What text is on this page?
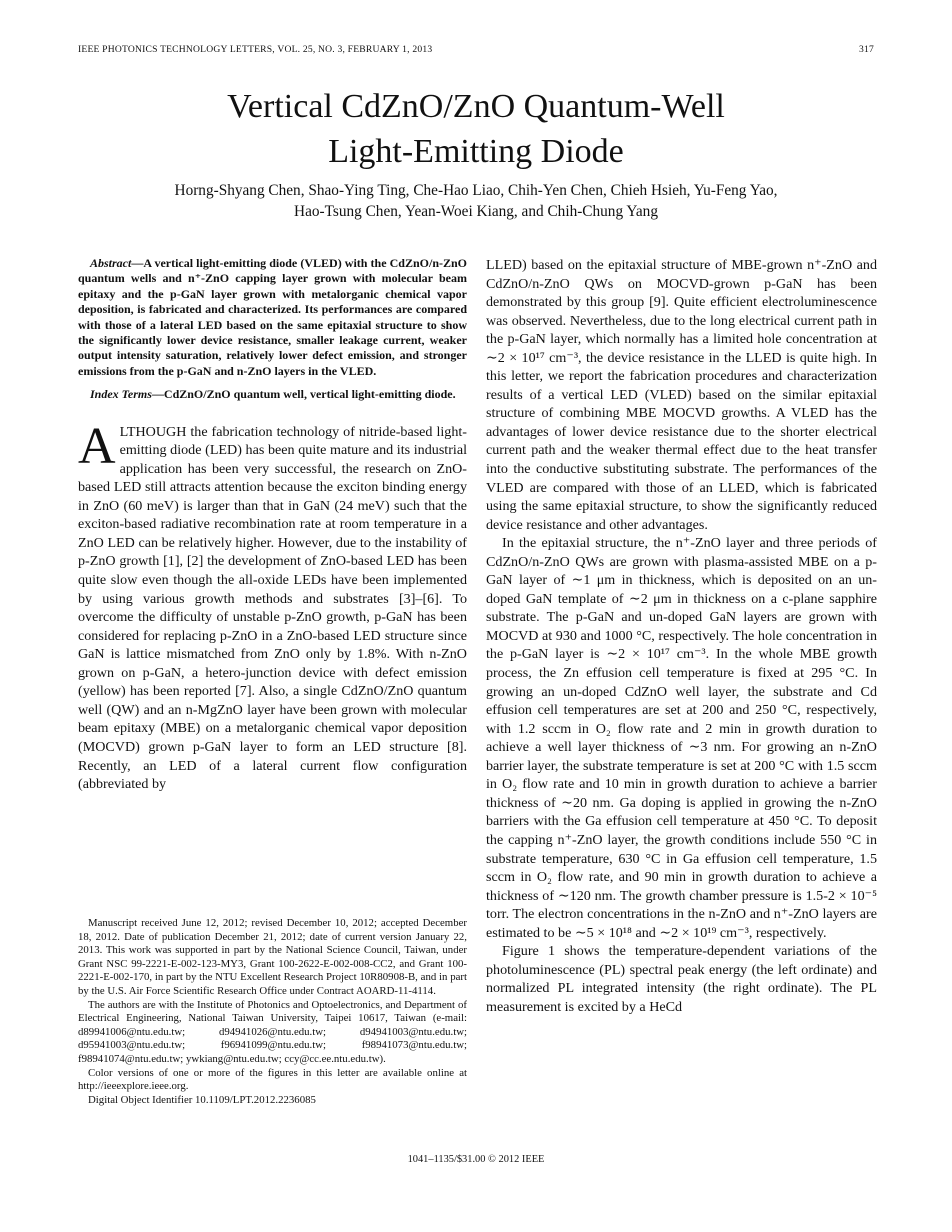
IEEE PHOTONICS TECHNOLOGY LETTERS, VOL. 25, NO. 3, FEBRUARY 1, 2013	317
Vertical CdZnO/ZnO Quantum-Well
Light-Emitting Diode
Horng-Shyang Chen, Shao-Ying Ting, Che-Hao Liao, Chih-Yen Chen, Chieh Hsieh, Yu-Feng Yao,
Hao-Tsung Chen, Yean-Woei Kiang, and Chih-Chung Yang

Abstract—A vertical light-emitting diode (VLED) with the CdZnO/n-ZnO quantum wells and n⁺-ZnO capping layer grown with molecular beam epitaxy and the p-GaN layer grown with metalorganic chemical vapor deposition, is fabricated and characterized. Its performances are compared with those of a lateral LED based on the same epitaxial structure to show the significantly lower device resistance, smaller leakage current, weaker output intensity saturation, relatively lower defect emission, and stronger emissions from the p-GaN and n-ZnO layers in the VLED.

Index Terms—CdZnO/ZnO quantum well, vertical light-emitting diode.

ALTHOUGH the fabrication technology of nitride-based light-emitting diode (LED) has been quite mature and its industrial application has been very successful, the research on ZnO-based LED still attracts attention because the exciton binding energy in ZnO (60 meV) is larger than that in GaN (24 meV) such that the exciton-based radiative recombination rate at room temperature in a ZnO LED can be relatively higher. However, due to the instability of p-ZnO growth [1], [2] the development of ZnO-based LED has been quite slow even though the all-oxide LEDs have been implemented by using various growth methods and substrates [3]–[6]. To overcome the difficulty of unstable p-ZnO growth, p-GaN has been considered for replacing p-ZnO in a ZnO-based LED structure since GaN is lattice mismatched from ZnO only by 1.8%. With n-ZnO grown on p-GaN, a hetero-junction device with defect emission (yellow) has been reported [7]. Also, a single CdZnO/ZnO quantum well (QW) and an n-MgZnO layer have been grown with molecular beam epitaxy (MBE) on a metalorganic chemical vapor deposition (MOCVD) grown p-GaN layer to form an LED structure [8]. Recently, an LED of a lateral current flow configuration (abbreviated by

Manuscript received June 12, 2012; revised December 10, 2012; accepted December 18, 2012. Date of publication December 21, 2012; date of current version January 22, 2013. This work was supported in part by the National Science Council, Taiwan, under Grant NSC 99-2221-E-002-123-MY3, Grant 100-2622-E-002-008-CC2, and Grant 100-2221-E-002-170, in part by the NTU Excellent Research Project 10R80908-B, and in part by the U.S. Air Force Scientific Research Office under Contract AOARD-11-4114.

The authors are with the Institute of Photonics and Optoelectronics, and Department of Electrical Engineering, National Taiwan University, Taipei 10617, Taiwan (e-mail: d89941006@ntu.edu.tw; d94941026@ntu.edu.tw; d94941003@ntu.edu.tw; d95941003@ntu.edu.tw; f96941099@ntu.edu.tw; f98941073@ntu.edu.tw; f98941074@ntu.edu.tw; ywkiang@ntu.edu.tw; ccy@cc.ee.ntu.edu.tw).

Color versions of one or more of the figures in this letter are available online at http://ieeexplore.ieee.org.

Digital Object Identifier 10.1109/LPT.2012.2236085

LLED) based on the epitaxial structure of MBE-grown n⁺-ZnO and CdZnO/n-ZnO QWs on MOCVD-grown p-GaN has been demonstrated by this group [9]. Quite efficient electroluminescence was observed. Nevertheless, due to the long electrical current path in the p-GaN layer, which normally has a limited hole concentration at ∼2 × 10¹⁷ cm⁻³, the device resistance in the LLED is quite high. In this letter, we report the fabrication procedures and characterization results of a vertical LED (VLED) based on the similar epitaxial structure of combining MBE MOCVD growths. A VLED has the advantages of lower device resistance due to the shorter electrical current path and the weaker thermal effect due to the heat transfer into the conductive substituting substrate. The performances of the VLED are compared with those of an LLED, which is fabricated using the same epitaxial structure, to show the significantly reduced device resistance and other advantages.

In the epitaxial structure, the n⁺-ZnO layer and three periods of CdZnO/n-ZnO QWs are grown with plasma-assisted MBE on a p-GaN layer of ∼1 μm in thickness, which is deposited on an un-doped GaN template of ∼2 μm in thickness on a c-plane sapphire substrate. The p-GaN and un-doped GaN layers are grown with MOCVD at 930 and 1000 °C, respectively. The hole concentration in the p-GaN layer is ∼2 × 10¹⁷ cm⁻³. In the whole MBE growth process, the Zn effusion cell temperature is fixed at 295 °C. In growing an un-doped CdZnO well layer, the substrate and Cd effusion cell temperatures are set at 200 and 250 °C, respectively, with 1.2 sccm in O₂ flow rate and 2 min in growth duration to achieve a well layer thickness of ∼3 nm. For growing an n-ZnO barrier layer, the substrate temperature is set at 200 °C with 1.5 sccm in O₂ flow rate and 10 min in growth duration to achieve a barrier thickness of ∼20 nm. Ga doping is applied in growing the n-ZnO barriers with the Ga effusion cell temperature at 450 °C. To deposit the capping n⁺-ZnO layer, the growth conditions include 550 °C in substrate temperature, 630 °C in Ga effusion cell temperature, 1.5 sccm in O₂ flow rate, and 90 min in growth duration to achieve a thickness of ∼120 nm. The growth chamber pressure is 1.5-2 × 10⁻⁵ torr. The electron concentrations in the n-ZnO and n⁺-ZnO layers are estimated to be ∼5 × 10¹⁸ and ∼2 × 10¹⁹ cm⁻³, respectively.

Figure 1 shows the temperature-dependent variations of the photoluminescence (PL) spectral peak energy (the left ordinate) and normalized PL integrated intensity (the right ordinate). The PL measurement is excited by a HeCd

1041–1135/$31.00 © 2012 IEEE
